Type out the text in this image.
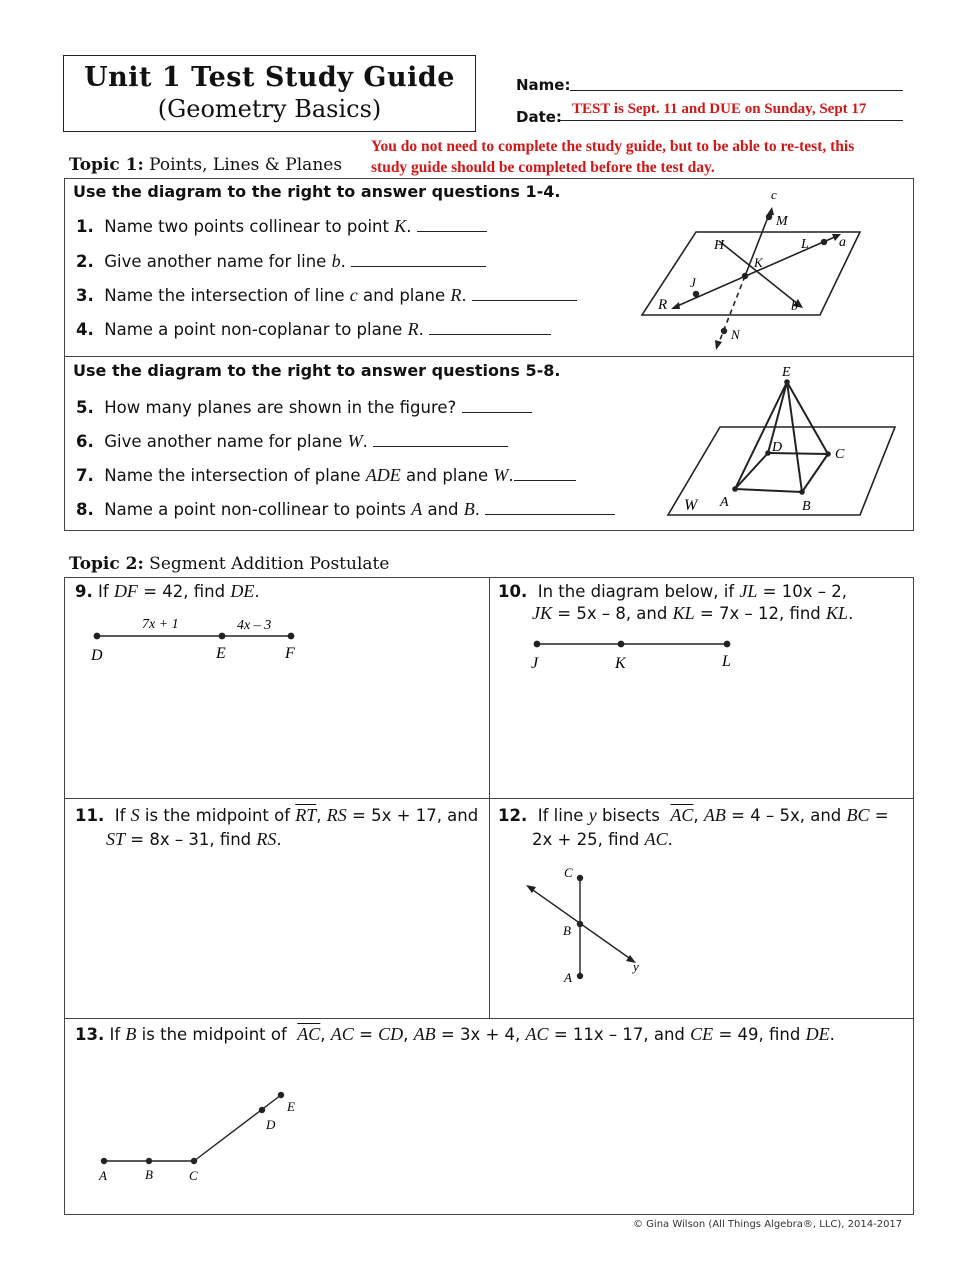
Unit 1 Test Study Guide
(Geometry Basics)
Name:
Date: TEST is Sept. 11 and DUE on Sunday, Sept 17
You do not need to complete the study guide, but to be able to re-test, this
study guide should be completed before the test day.
Topic 1: Points, Lines & Planes
Use the diagram to the right to answer questions 1-4.
1. Name two points collinear to point K.
2. Give another name for line b.
3. Name the intersection of line c and plane R.
4. Name a point non-coplanar to plane R.
c
M
H	L a
K
J
R	b
N
Use the diagram to the right to answer questions 5-8.
5. How many planes are shown in the figure?
6. Give another name for plane W.
7. Name the intersection of plane ADE and plane W.
8. Name a point non-collinear to points A and B.
E
D	C
W A	B
Topic 2: Segment Addition Postulate
9. If DF = 42, find DE.
7x + 1	4x – 3
D	E	F
10. In the diagram below, if JL = 10x – 2,
JK = 5x – 8, and KL = 7x – 12, find KL.
J	K	L
11. If S is the midpoint of $\overline{RT}$, RS = 5x + 17, and
ST = 8x – 31, find RS.
12. If line y bisects $\overline{AC}$, AB = 4 – 5x, and BC =
2x + 25, find AC.
C
B
A
y
13. If B is the midpoint of $\overline{AC}$, AC = CD, AB = 3x + 4, AC = 11x – 17, and CE = 49, find DE.
A	B	C
D
E
© Gina Wilson (All Things Algebra®, LLC), 2014-2017
